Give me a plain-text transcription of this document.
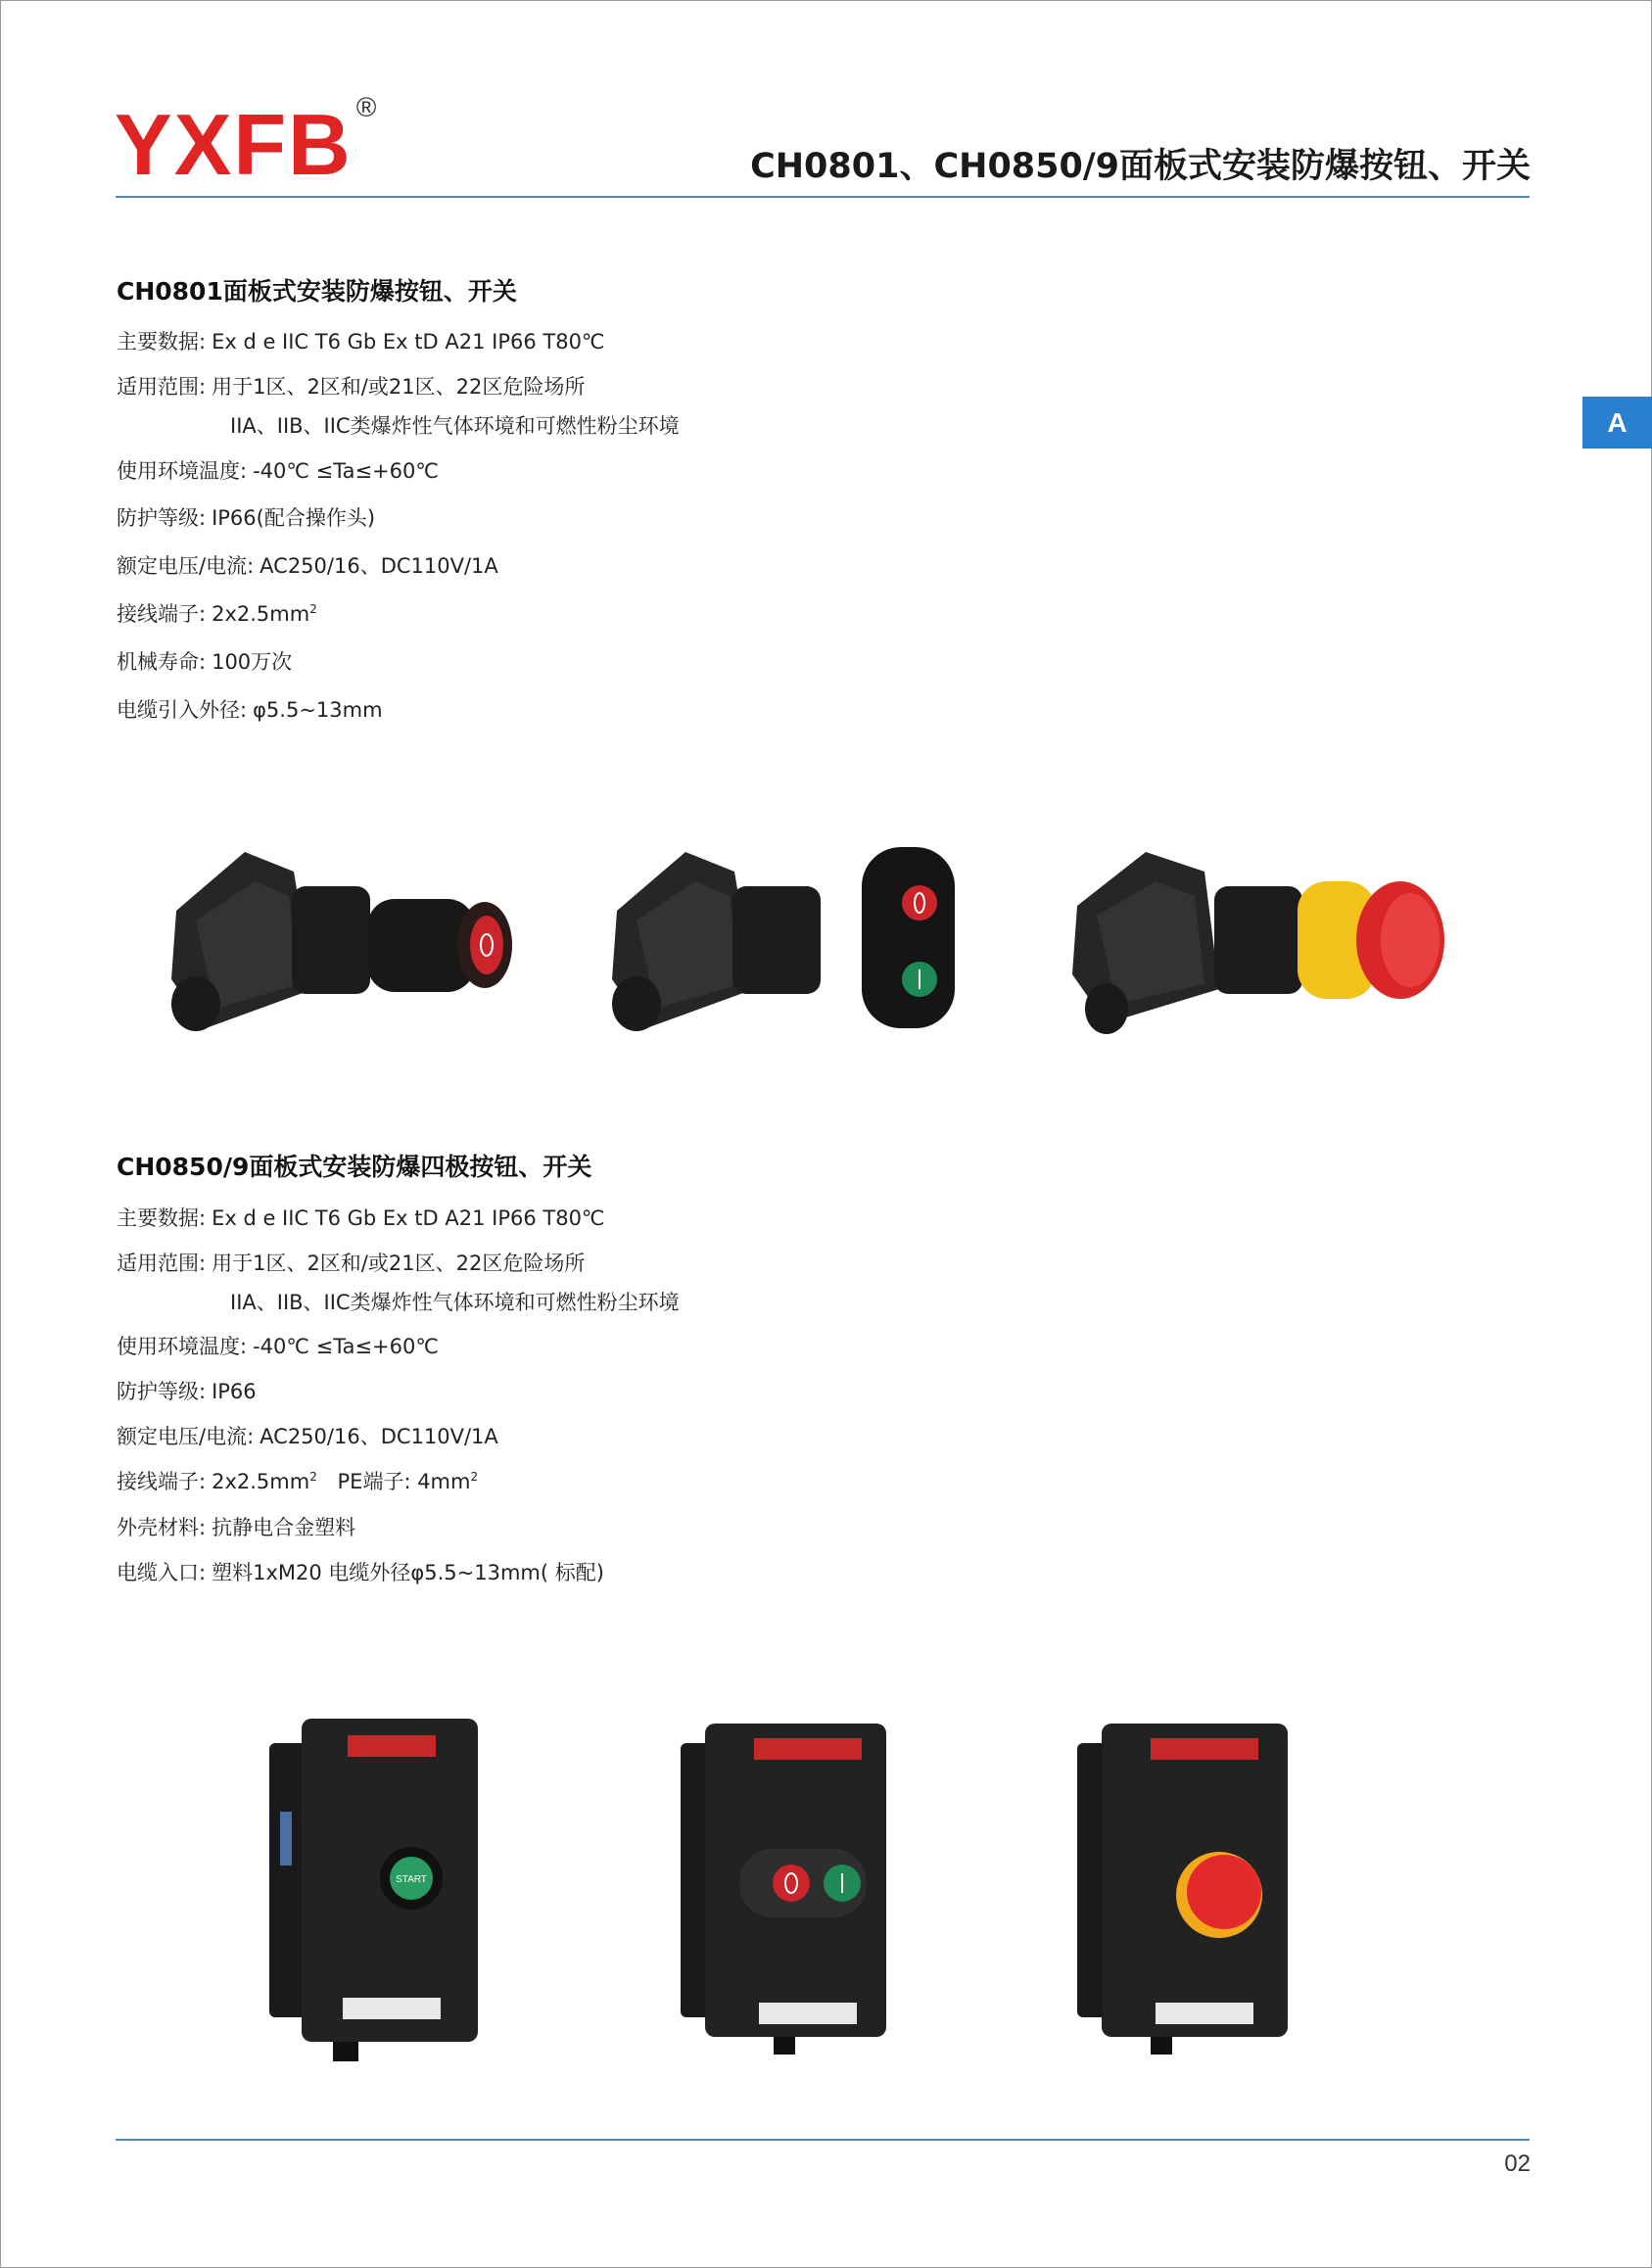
YXFB ®
CH0801、CH0850/9面板式安装防爆按钮、开关
A
CH0801面板式安装防爆按钮、开关
主要数据: Ex d e IIC T6 Gb Ex tD A21 IP66 T80℃
适用范围: 用于1区、2区和/或21区、22区危险场所
IIA、IIB、IIC类爆炸性气体环境和可燃性粉尘环境
使用环境温度: -40℃ ≤Ta≤+60℃
防护等级: IP66(配合操作头)
额定电压/电流: AC250/16、DC110V/1A
接线端子: $2x2.5mm^2$
机械寿命: 100万次
电缆引入外径: φ5.5~13mm
CH0850/9面板式安装防爆四极按钮、开关
主要数据: Ex d e IIC T6 Gb Ex tD A21 IP66 T80℃
适用范围: 用于1区、2区和/或21区、22区危险场所
IIA、IIB、IIC类爆炸性气体环境和可燃性粉尘环境
使用环境温度: -40℃ ≤Ta≤+60℃
防护等级: IP66
额定电压/电流: AC250/16、DC110V/1A
接线端子: $2x2.5mm^2$ PE端子: $4mm^2$
外壳材料: 抗静电合金塑料
电缆入口: 塑料1xM20 电缆外径φ5.5~13mm( 标配)
START
02
